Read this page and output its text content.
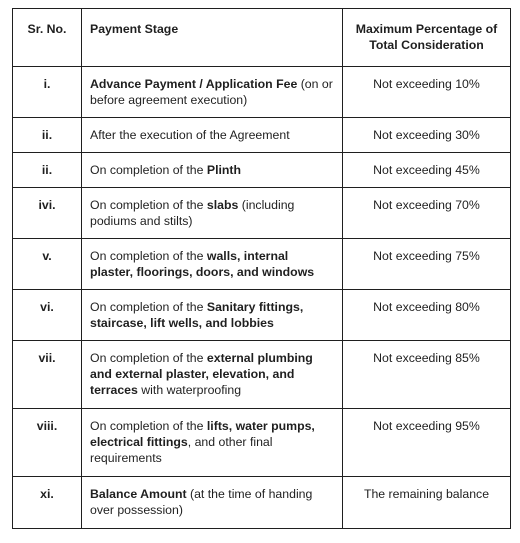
Sr. No.	Payment Stage	Maximum Percentage of Total Consideration
i.	Advance Payment / Application Fee (on or before agreement execution)	Not exceeding 10%
ii.	After the execution of the Agreement	Not exceeding 30%
ii.	On completion of the Plinth	Not exceeding 45%
ivi.	On completion of the slabs (including podiums and stilts)	Not exceeding 70%
v.	On completion of the walls, internal plaster, floorings, doors, and windows	Not exceeding 75%
vi.	On completion of the Sanitary fittings, staircase, lift wells, and lobbies	Not exceeding 80%
vii.	On completion of the external plumbing and external plaster, elevation, and terraces with waterproofing	Not exceeding 85%
viii.	On completion of the lifts, water pumps, electrical fittings, and other final requirements	Not exceeding 95%
xi.	Balance Amount (at the time of handing over possession)	The remaining balance
